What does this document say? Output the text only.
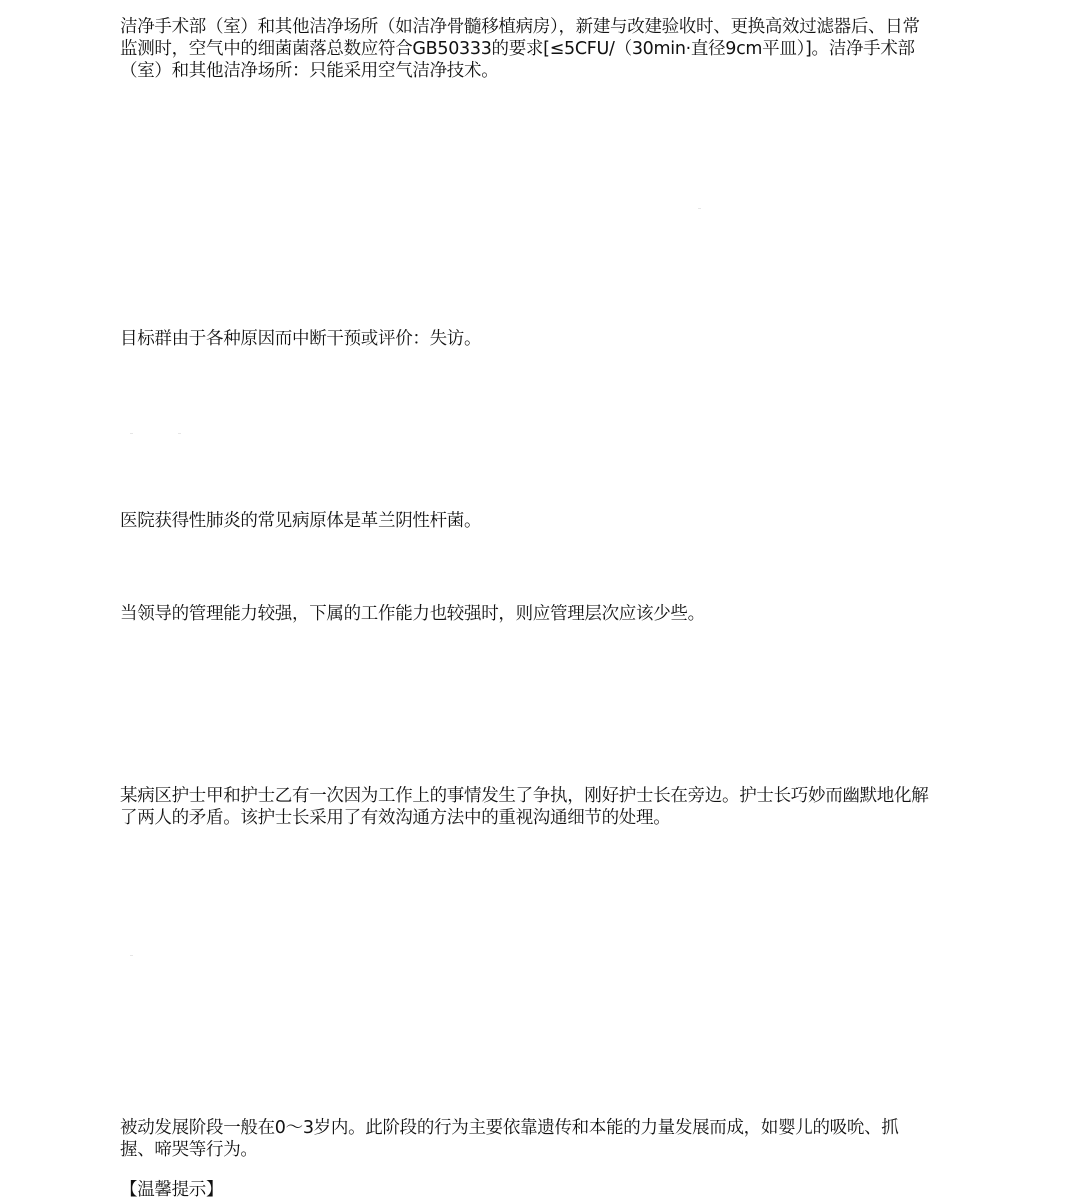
洁净手术部（室）和其他洁净场所（如洁净骨髓移植病房），新建与改建验收时、更换高效过滤器后、日常监测时，空气中的细菌菌落总数应符合GB50333的要求[≤5CFU/（30min·直径9cm平皿）]。洁净手术部（室）和其他洁净场所：只能采用空气洁净技术。

目标群由于各种原因而中断干预或评价：失访。

医院获得性肺炎的常见病原体是革兰阴性杆菌。

当领导的管理能力较强，下属的工作能力也较强时，则应管理层次应该少些。

某病区护士甲和护士乙有一次因为工作上的事情发生了争执，刚好护士长在旁边。护士长巧妙而幽默地化解了两人的矛盾。该护士长采用了有效沟通方法中的重视沟通细节的处理。

被动发展阶段一般在0～3岁内。此阶段的行为主要依靠遗传和本能的力量发展而成，如婴儿的吸吮、抓握、啼哭等行为。

【温馨提示】
